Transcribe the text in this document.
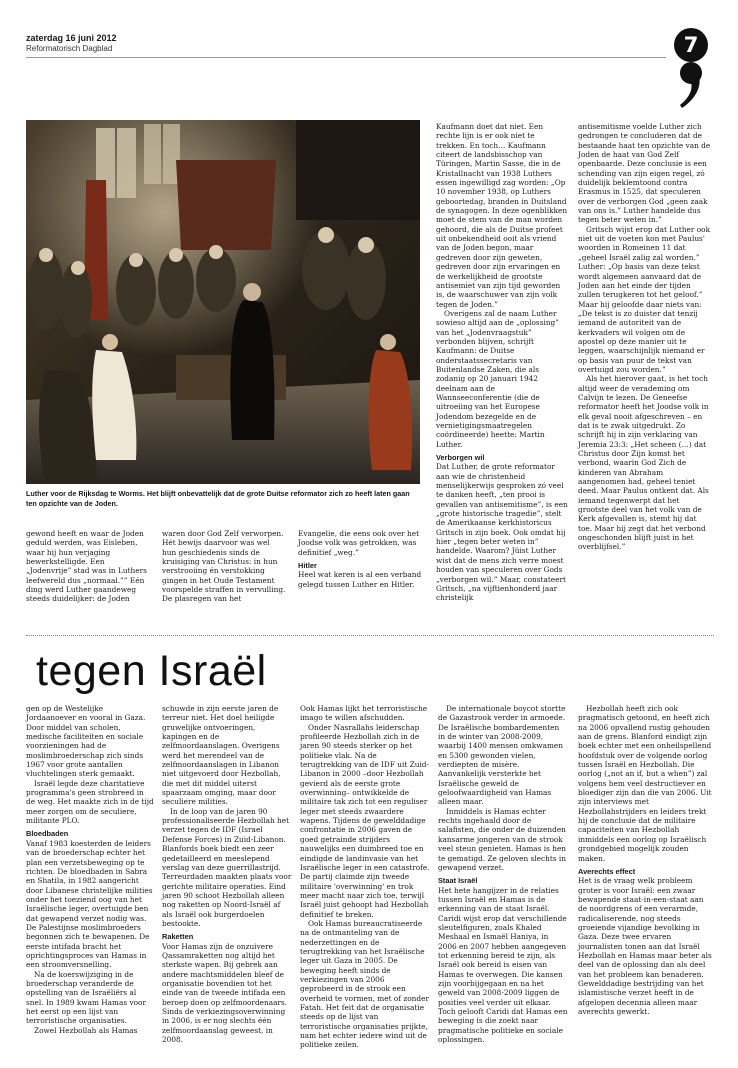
zaterdag 16 juni 2012
Reformatorisch Dagblad	7
Luther voor de Rijksdag te Worms. Het blijft onbevattelijk dat de grote Duitse reformator zich zo heeft laten gaan ten opzichte van de Joden.

gewond heeft en waar de Joden geduld werden, was Eisleben, waar hij hun verjaging bewerkstelligde. Een „Jodenvrije” stad was in Luthers leefwereld dus „normaal.”” Eén ding werd Luther gaandeweg steeds duidelijker: de Joden

waren door God Zelf verworpen. Hét bewijs daarvoor was wel hun geschiedenis sinds de kruisiging van Christus: in hun verstrooiing én verstokking gingen in het Oude Testament voorspelde straffen in vervulling. De plasregen van het

Evangelie, die eens ook over het Joodse volk was getrokken, was definitief „weg.”

Hitler

Heel wat keren is al een verband gelegd tussen Luther en Hitler.

Kaufmann doet dat niet. Een rechte lijn is er ook niet te trekken. En toch… Kaufmann citeert de landsbisschop van Türingen, Martin Sasse, die in de Kristallnacht van 1938 Luthers essen ingewilligd zag worden: „Op 10 november 1938, op Luthers geboortedag, branden in Duitsland de synagogen. In deze ogenblikken moet de stem van de man worden gehoord, die als de Duitse profeet uit onbekendheid ooit als vriend van de Joden begon, maar gedreven door zijn geweten, gedreven door zijn ervaringen en de werkelijkheid de grootste antisemiet van zijn tijd geworden is, de waarschuwer van zijn volk tegen de Joden.”

Overigens zal de naam Luther sowieso altijd aan de „oplossing” van het „Jodenvraagstuk” verbonden blijven, schrijft Kaufmann: de Duitse onderstaatssecretaris van Buitenlandse Zaken, die als zodanig op 20 januari 1942 deelnam aan de Wannseeconferentie (die de uitroeiing van het Europese Jodendom bezegelde en de vernietigingsmaatregelen coördineerde) heette: Martin Luther.

Verborgen wil

Dat Luther, de grote reformator aan wie de christenheid menselijkerwijs gesproken zó veel te danken heeft, „ten prooi is gevallen van antisemitisme”, is een „grote historische tragedie”, stelt de Amerikaanse kerkhistoricus Gritsch in zijn boek. Ook omdat hij hier „tegen beter weten in” handelde. Waarom? Jüist Luther wist dat de mens zich verre moest houden van speculeren over Gods „verborgen wil.” Maar, constateert Gritsch, „na vijftienhonderd jaar christelijk

antisemitisme voelde Luther zich gedrongen te concluderen dat de bestaande haat ten opzichte van de Joden de haat van God Zelf openbaarde. Deze conclusie is een schending van zijn eigen regel, zó duidelijk beklemtoond contra Erasmus in 1525, dat speculeren over de verborgen God „geen zaak van ons is.” Luther handelde dus tegen beter weten in.”

Gritsch wijst erop dat Luther ook niet uit de voeten kon met Paulus' woorden in Romeinen 11 dat „geheel Israël zalig zal worden.” Luther: „Op basis van deze tekst wordt algemeen aanvaard dat de Joden aan het einde der tijden zullen terugkeren tot het geloof.” Maar hij geloofde daar niets van: „De tekst is zo duister dat tenzij iemand de autoriteit van de kerkvaders wil volgen om de apostel op deze manier uit te leggen, waarschijnlijk niemand er op basis van puur de tekst van overtuigd zou worden.”

Als het hierover gaat, is het toch altijd weer de verademing om Calvijn te lezen. De Geneefse reformator heeft het Joodse volk in elk geval nooit afgeschreven – en dat is te zwak uitgedrukt. Zo schrijft hij in zijn verklaring van Jeremia 23:3: „Het scheen (…) dat Christus door Zijn komst het verbond, waarin God Zich de kinderen van Abraham aangenomen had, geheel teniet deed. Maar Paulus ontkent dat. Als iemand tegenwerpt dat het grootste deel van het volk van de Kerk afgevallen is, stemt hij dat toe. Maar hij zegt dat het verbond ongeschonden blijft juist in het overblijfsel.”

tegen Israël

gen op de Westelijke Jordaanoever en vooral in Gaza. Door middel van scholen, medische faciliteiten en sociale voorzieningen had de moslimbroederschap zich sinds 1967 voor grote aantallen vluchtelingen sterk gemaakt.

Israël legde deze charitatieve programma's geen strobreed in de weg. Het maakte zich in de tijd meer zorgen om de seculiere, militante PLO.

Bloedbaden

Vanaf 1983 koesterden de leiders van de broederschap echter het plan een verzetsbeweging op te richten. De bloedbaden in Sabra en Shatila, in 1982 aangericht door Libanese christelijke milities onder het toeziend oog van het Israëlische leger, overtuigde ben dat gewapend verzet nodig was. De Palestijnse moslimbroeders begonnen zich te bewapenen. De eerste intifada bracht het oprichtingsproces van Hamas in een stroomversnelling.

Na de koerswijziging in de broederschap veranderde de opstelling van de Israëliërs al snel. In 1989 kwam Hamas voor het eerst op een lijst van terroristische organisaties.

Zowel Hezbollah als Hamas

schuwde in zijn eerste jaren de terreur niet. Het doel heiligde gruwelijke ontvoeringen, kapingen en de zelfmoordaanslagen. Overigens werd het merendeel van de zelfmoordaanslagen in Libanon niet uitgevoerd door Hezbollah, die met dit middel uiterst spaarzaam omging, maar door seculiere milities.

In de loop van de jaren 90 professionaliseerde Hezbollah het verzet tegen de IDF (Israel Defense Forces) in Zuid-Libanon. Blanfords boek biedt een zeer gedetailleerd en meeslepend verslag van deze guerrillastrijd. Terreurdaden maakten plaats voor gerichte militaire operaties. Eind jaren 90 schoot Hezbollah alleen nog raketten op Noord-Israël af als Israël ook burgerdoelen bestookte.

Raketten

Voor Hamas zijn de onzuivere Qassamraketten nog altijd het sterkste wapen. Bij gebrek aan andere machtsmiddelen bleef de organisatie bovendien tot het einde van de tweede intifada een beroep doen op zelfmoordenaars. Sinds de verkiezingsoverwinning in 2006, is er nog slechts één zelfmoordaanslag geweest, in 2008.

Ook Hamas lijkt het terroristische imago te willen afschudden.

Onder Nasrallahs leiderschap profileerde Hezbollah zich in de jaren 90 steeds sterker op het politieke vlak. Na de terugtrekking van de IDF uit Zuid-Libanon in 2000 –door Hezbollah gevierd als de eerste grote overwinning– ontwikkelde de militaire tak zich tot een reguliser leger met steeds zwaardere wapens. Tijdens de gewelddadige confrontatie in 2006 gaven de goed getrainde strijders nauwelijks een duimbreed toe en eindigde de landinvasie van het Israëlische leger in een catastrofe. De partij claimde zijn tweede militaire 'overwinning' en trok meer macht naar zich toe, terwijl Israël juist gehoopt had Hezbollah definitief te breken.

Ook Hamas bureaucratiseerde na de ontmanteling van de nederzettingen en de terugtrekking van het Israëlische leger uit Gaza in 2005. De beweging heeft sinds de verkiezingen van 2006 geprobeerd in de strook een overheid te vormen, met of zonder Fatah. Het feit dat de organisatie steeds op de lijst van terroristische organisaties prijkte, nam het echter iedere wind uit de politieke zeilen.

De internationale boycot stortte de Gazastrook verder in armoede. De Israëlische bombardementen in de winter van 2008-2009, waarbij 1400 mensen omkwamen en 5300 gewonden vielen, verdiepten de misère. Aanvankelijk versterkte het Israëlische geweld de geloofwaardigheid van Hamas alleen maar.

Inmiddels is Hamas echter rechts ingehaald door de salafisten, die onder de duizenden kansarme jongeren van de strook veel steun genieten. Hamas is hen te gematigd. Ze geloven slechts in gewapend verzet.

Staat Israël

Het hete hangijzer in de relaties tussen Israël en Hamas is de erkenning van de staat Israël. Caridi wijst erop dat verschillende sleutelfiguren, zoals Khaled Meshaal en Ismaël Haniya, in 2006 en 2007 hebben aangegeven tot erkenning bereid te zijn, als Israël ook bereid is eisen van Hamas te overwegen. Die kansen zijn voorbijgegaan en na het geweld van 2008-2009 liggen de posities veel verder uit elkaar. Toch gelooft Caridi dat Hamas een beweging is die zoekt naar pragmatische politieke en sociale oplossingen.

Hezbollah heeft zich ook pragmatisch getoond, en heeft zich na 2006 opvallend rustig gehouden aan de grens. Blanford eindigt zijn boek echter met een onheilspellend hoofdstuk over de volgende oorlog tussen Israël en Hezbollah. Die oorlog („not an if, but a when”) zal volgens hem veel destructiever en bloediger zijn dan die van 2006. Uit zijn interviews met Hezbollahstrijders en leiders trekt hij de conclusie dat de militaire capaciteiten van Hezbollah inmiddels een oorlog op Israëlisch grondgebied mogelijk zouden maken.

Averechts effect

Het is de vraag welk probleem groter is voor Israël: een zwaar bewapende staat-in-een-staat aan de noordgrens of een verarmde, radicaliserende, nog steeds groeiende vijandige bevolking in Gaza. Deze twee ervaren journalisten tonen aan dat Israël Hezbollah en Hamas maar beter als deel van de oplossing dan als deel van het probleem kan benaderen. Gewelddadige bestrijding van het islamistische verzet heeft in de afgelopen decennia alleen maar averechts gewerkt.
